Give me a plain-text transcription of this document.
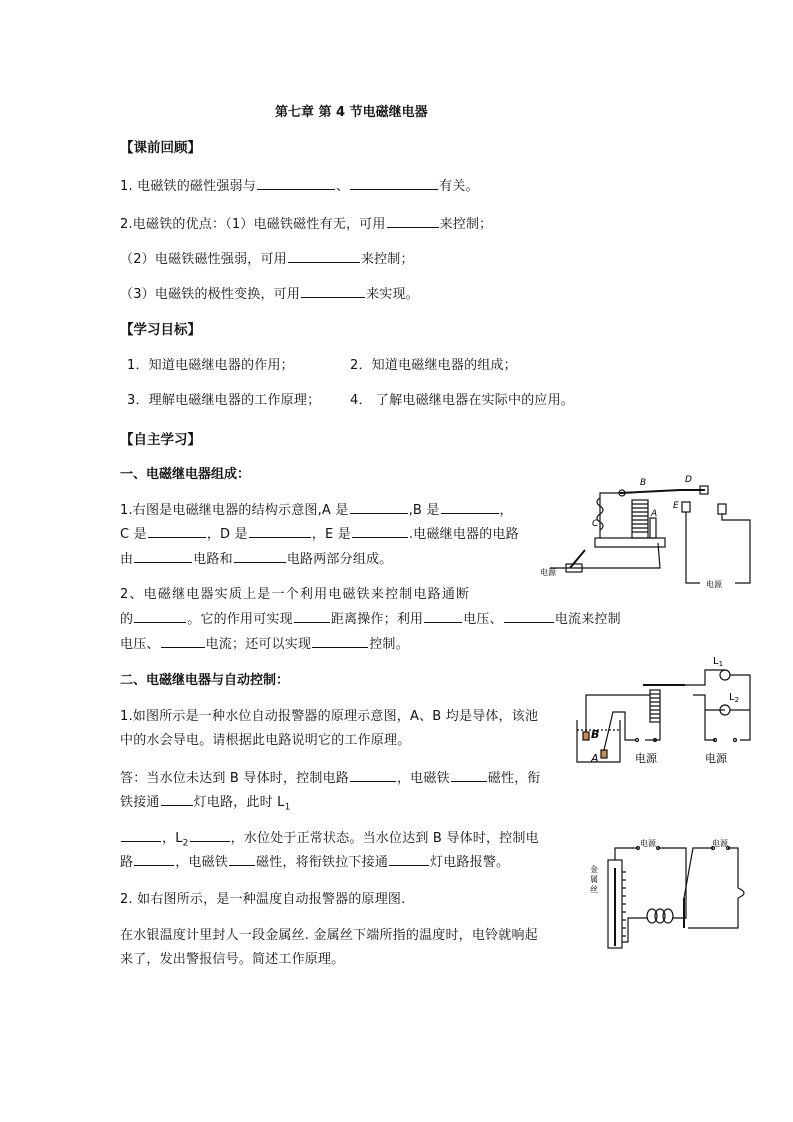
第七章 第 4 节电磁继电器
【课前回顾】
1. 电磁铁的磁性强弱与	、	有关。
2.电磁铁的优点：（1）电磁铁磁性有无，可用	来控制；
（2）电磁铁磁性强弱，可用	来控制；
（3）电磁铁的极性变换，可用	来实现。
【学习目标】
1．知道电磁继电器的作用；	2．知道电磁继电器的组成；
3．理解电磁继电器的工作原理； 4． 了解电磁继电器在实际中的应用。
【自主学习】
一、电磁继电器组成：
1.右图是电磁继电器的结构示意图,A 是	,B 是	，
C 是	，D 是	，E 是	.电磁继电器的电路
由	电路和	电路两部分组成。
2、电磁继电器实质上是一个利用电磁铁来控制电路通断
的	。它的作用可实现	距离操作；利用	电压、	电流来控制
电压、	电流；还可以实现	控制。
二、电磁继电器与自动控制：
1.如图所示是一种水位自动报警器的原理示意图，A、B 均是导体，该池
中的水会导电。请根据此电路说明它的工作原理。
答：当水位未达到 B 导体时，控制电路	，电磁铁	磁性，衔
铁接通	灯电路，此时 $L_1$
，$L_2$	，水位处于正常状态。当水位达到 B 导体时，控制电
路	，电磁铁 磁性，将衔铁拉下接通	灯电路报警。
2. 如右图所示，是一种温度自动报警器的原理图.
在水银温度计里封人一段金属丝. 金属丝下端所指的温度时，电铃就响起
来了，发出警报信号。简述工作原理。
B	D
C
A
E
电源
电源
$L_1$
$L_2$
B
A	电源	电源
金
属
丝
电源	电源
